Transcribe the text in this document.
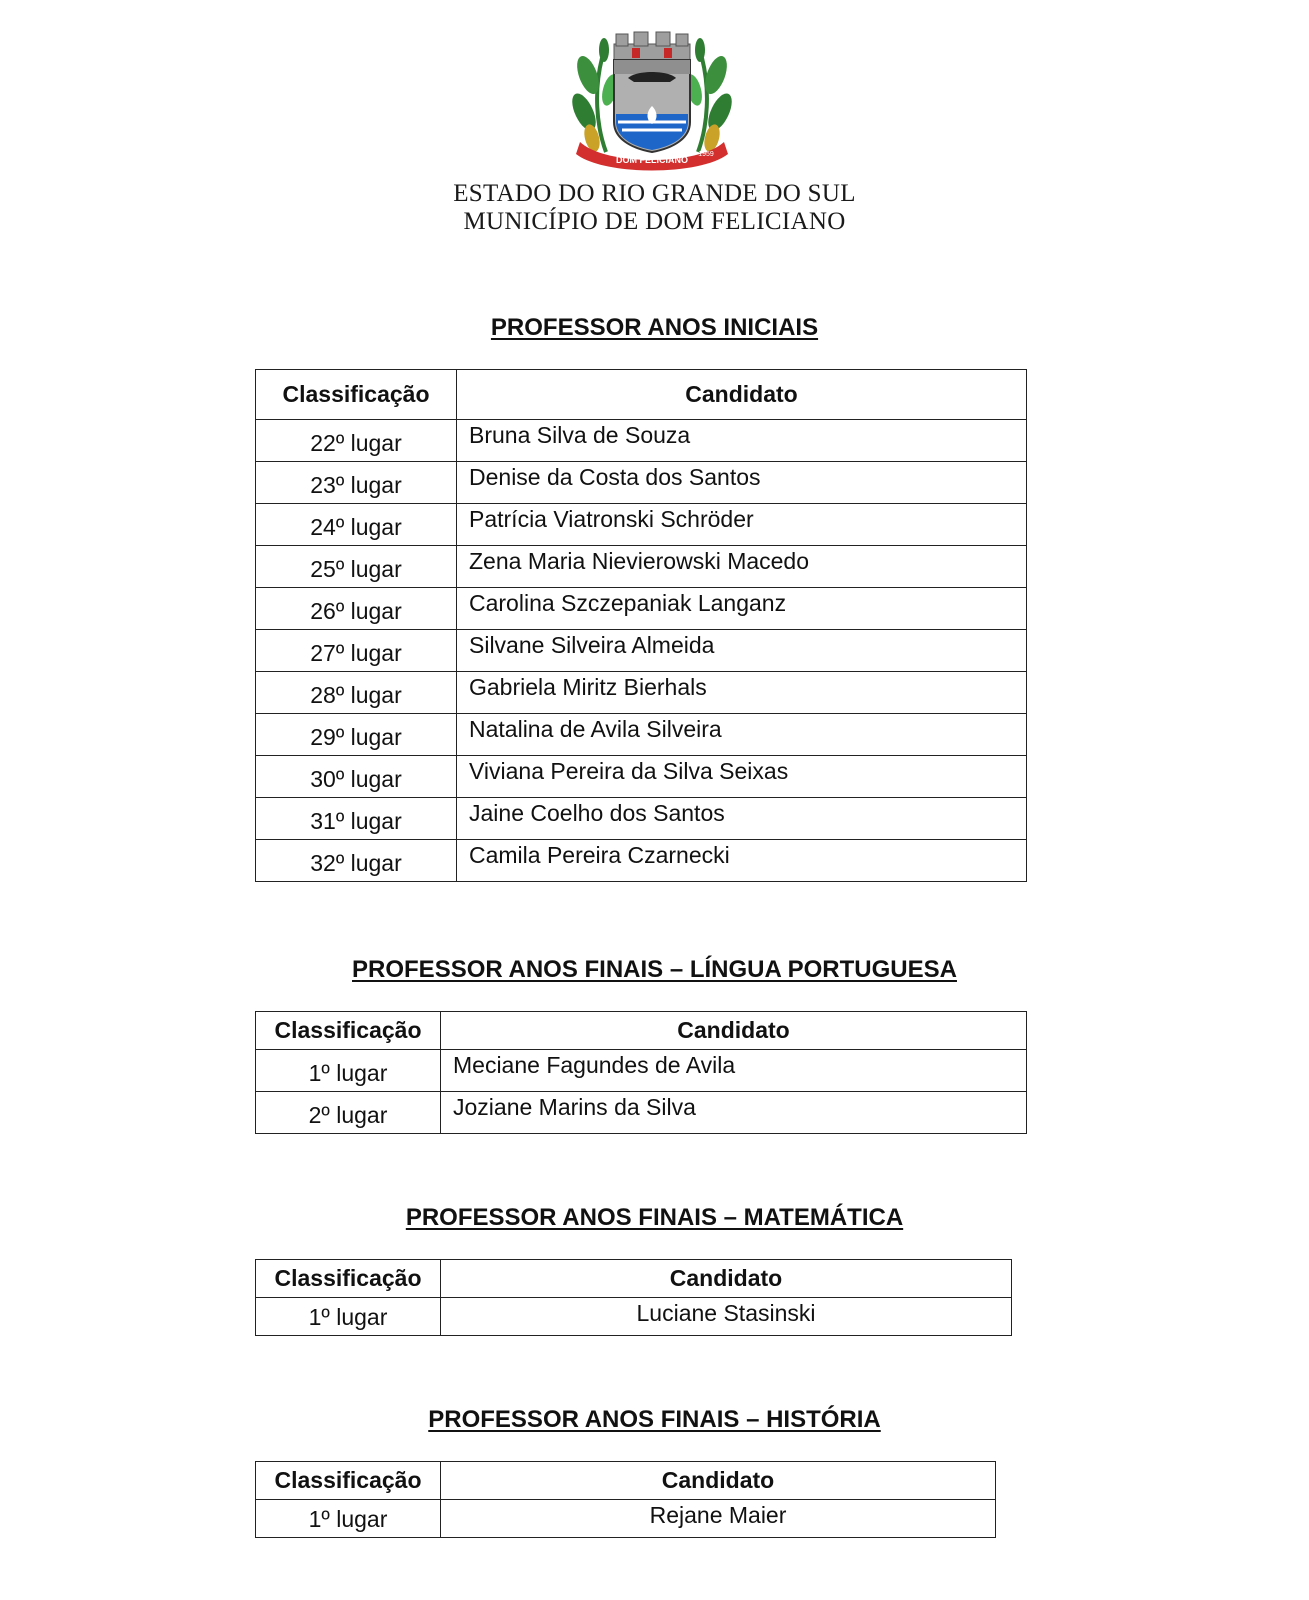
DOM FELICIANO
1959
ESTADO DO RIO GRANDE DO SUL
MUNICÍPIO DE DOM FELICIANO
PROFESSOR ANOS INICIAIS
Classificação	Candidato
22º lugar	Bruna Silva de Souza
23º lugar	Denise da Costa dos Santos
24º lugar	Patrícia Viatronski Schröder
25º lugar	Zena Maria Nievierowski Macedo
26º lugar	Carolina Szczepaniak Langanz
27º lugar	Silvane Silveira Almeida
28º lugar	Gabriela Miritz Bierhals
29º lugar	Natalina de Avila Silveira
30º lugar	Viviana Pereira da Silva Seixas
31º lugar	Jaine Coelho dos Santos
32º lugar	Camila Pereira Czarnecki
PROFESSOR ANOS FINAIS – LÍNGUA PORTUGUESA
Classificação	Candidato
1º lugar	Meciane Fagundes de Avila
2º lugar	Joziane Marins da Silva
PROFESSOR ANOS FINAIS – MATEMÁTICA
Classificação	Candidato
1º lugar	Luciane Stasinski
PROFESSOR ANOS FINAIS – HISTÓRIA
Classificação	Candidato
1º lugar	Rejane Maier
